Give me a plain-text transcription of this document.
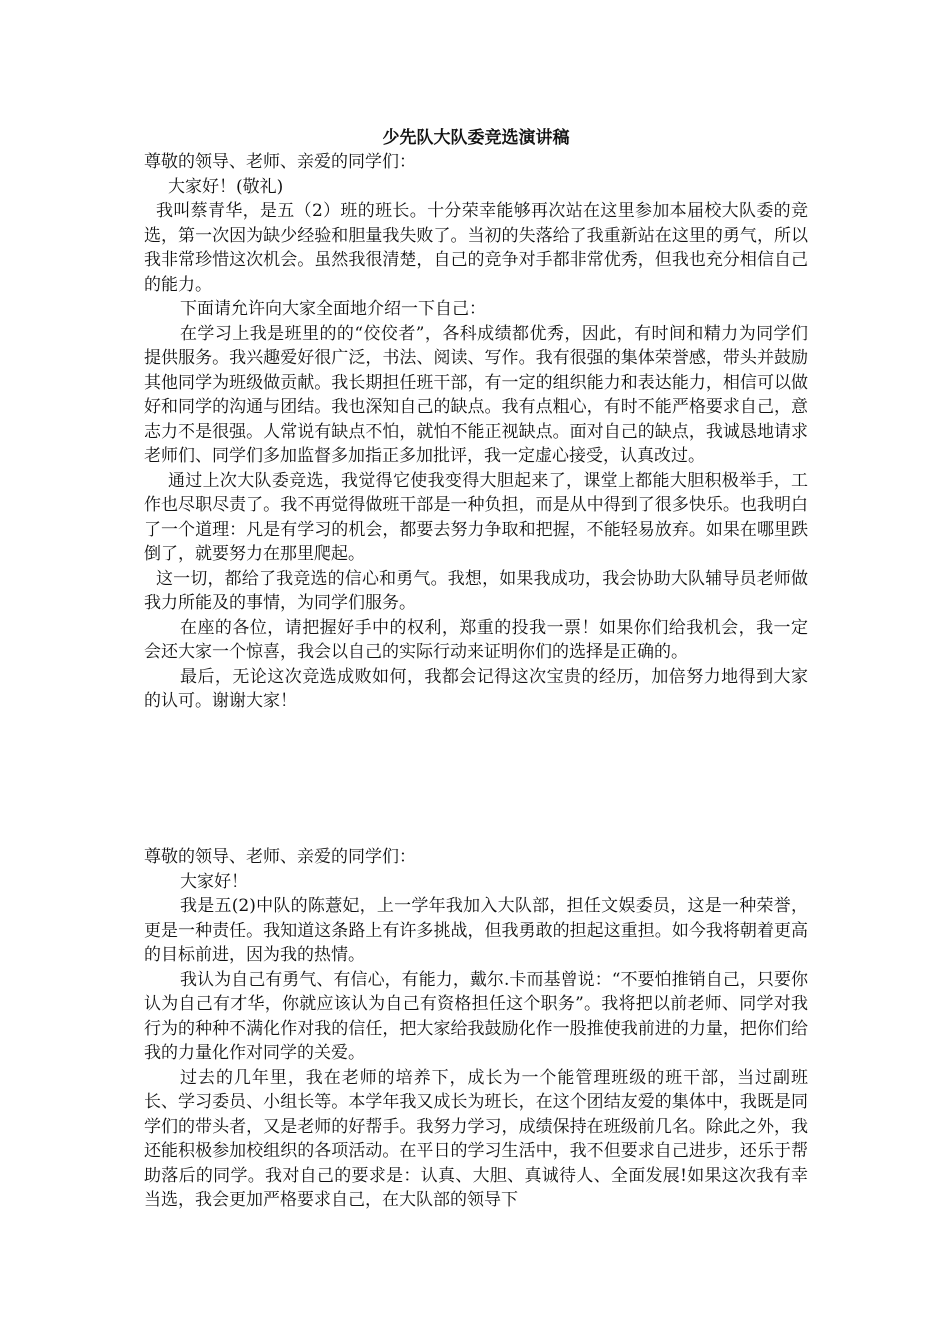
少先队大队委竞选演讲稿

尊敬的领导、老师、亲爱的同学们：

大家好！(敬礼)

我叫蔡青华，是五（2）班的班长。十分荣幸能够再次站在这里参加本届校大队委的竞选，第一次因为缺少经验和胆量我失败了。当初的失落给了我重新站在这里的勇气，所以我非常珍惜这次机会。虽然我很清楚，自己的竞争对手都非常优秀，但我也充分相信自己的能力。

下面请允许向大家全面地介绍一下自己：

在学习上我是班里的的“佼佼者”，各科成绩都优秀，因此，有时间和精力为同学们提供服务。我兴趣爱好很广泛，书法、阅读、写作。我有很强的集体荣誉感，带头并鼓励其他同学为班级做贡献。我长期担任班干部，有一定的组织能力和表达能力，相信可以做好和同学的沟通与团结。我也深知自己的缺点。我有点粗心，有时不能严格要求自己，意志力不是很强。人常说有缺点不怕，就怕不能正视缺点。面对自己的缺点，我诚恳地请求老师们、同学们多加监督多加指正多加批评，我一定虚心接受，认真改过。

通过上次大队委竞选，我觉得它使我变得大胆起来了，课堂上都能大胆积极举手，工作也尽职尽责了。我不再觉得做班干部是一种负担，而是从中得到了很多快乐。也我明白了一个道理：凡是有学习的机会，都要去努力争取和把握，不能轻易放弃。如果在哪里跌倒了，就要努力在那里爬起。

这一切，都给了我竞选的信心和勇气。我想，如果我成功，我会协助大队辅导员老师做我力所能及的事情，为同学们服务。

在座的各位，请把握好手中的权利，郑重的投我一票！如果你们给我机会，我一定会还大家一个惊喜，我会以自己的实际行动来证明你们的选择是正确的。

最后，无论这次竞选成败如何，我都会记得这次宝贵的经历，加倍努力地得到大家的认可。谢谢大家！

尊敬的领导、老师、亲爱的同学们：

大家好！

我是五(2)中队的陈薏妃，上一学年我加入大队部，担任文娱委员，这是一种荣誉，更是一种责任。我知道这条路上有许多挑战，但我勇敢的担起这重担。如今我将朝着更高的目标前进，因为我的热情。

我认为自己有勇气、有信心，有能力，戴尔.卡而基曾说：“不要怕推销自己，只要你认为自己有才华，你就应该认为自己有资格担任这个职务”。我将把以前老师、同学对我行为的种种不满化作对我的信任，把大家给我鼓励化作一股推使我前进的力量，把你们给我的力量化作对同学的关爱。

过去的几年里，我在老师的培养下，成长为一个能管理班级的班干部，当过副班长、学习委员、小组长等。本学年我又成长为班长，在这个团结友爱的集体中，我既是同学们的带头者，又是老师的好帮手。我努力学习，成绩保持在班级前几名。除此之外，我还能积极参加校组织的各项活动。在平日的学习生活中，我不但要求自己进步，还乐于帮助落后的同学。我对自己的要求是：认真、大胆、真诚待人、全面发展!如果这次我有幸当选，我会更加严格要求自己，在大队部的领导下
